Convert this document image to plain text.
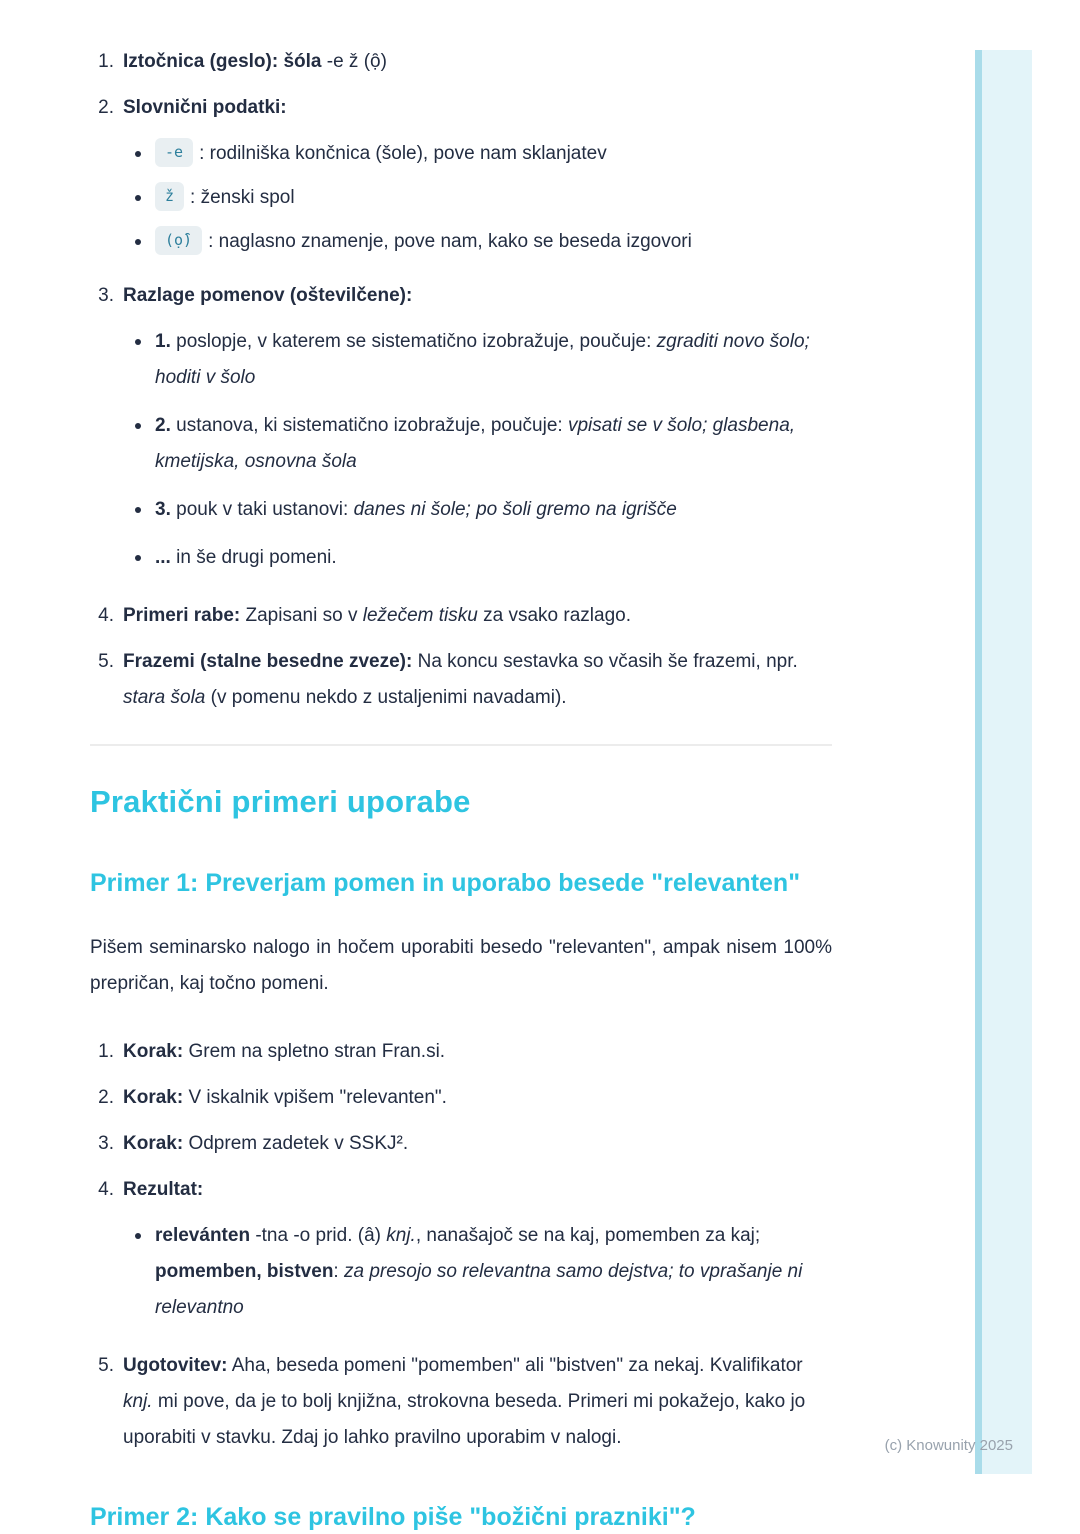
1. Iztočnica (geslo): šóla -e ž (ọ̑)
2. Slovnični podatki:
-e : rodilniška končnica (šole), pove nam sklanjatev
ž : ženski spol
(ọ̑) : naglasno znamenje, pove nam, kako se beseda izgovori
3. Razlage pomenov (oštevilčene):
1. poslopje, v katerem se sistematično izobražuje, poučuje: zgraditi novo šolo; hoditi v šolo
2. ustanova, ki sistematično izobražuje, poučuje: vpisati se v šolo; glasbena, kmetijska, osnovna šola
3. pouk v taki ustanovi: danes ni šole; po šoli gremo na igrišče
... in še drugi pomeni.
4. Primeri rabe: Zapisani so v ležečem tisku za vsako razlago.
5. Frazemi (stalne besedne zveze): Na koncu sestavka so včasih še frazemi, npr. stara šola (v pomenu nekdo z ustaljenimi navadami).
Praktični primeri uporabe
Primer 1: Preverjam pomen in uporabo besede "relevanten"

Pišem seminarsko nalogo in hočem uporabiti besedo "relevanten", ampak nisem 100% prepričan, kaj točno pomeni.

1. Korak: Grem na spletno stran Fran.si.
2. Korak: V iskalnik vpišem "relevanten".
3. Korak: Odprem zadetek v SSKJ².
4. Rezultat:
relevánten -tna -o prid. (â) knj., nanašajoč se na kaj, pomemben za kaj; pomemben, bistven: za presojo so relevantna samo dejstva; to vprašanje ni relevantno
5. Ugotovitev: Aha, beseda pomeni "pomemben" ali "bistven" za nekaj. Kvalifikator knj. mi pove, da je to bolj knjižna, strokovna beseda. Primeri mi pokažejo, kako jo uporabiti v stavku. Zdaj jo lahko pravilno uporabim v nalogi.
Primer 2: Kako se pravilno piše "božični prazniki"?
(c) Knowunity 2025
